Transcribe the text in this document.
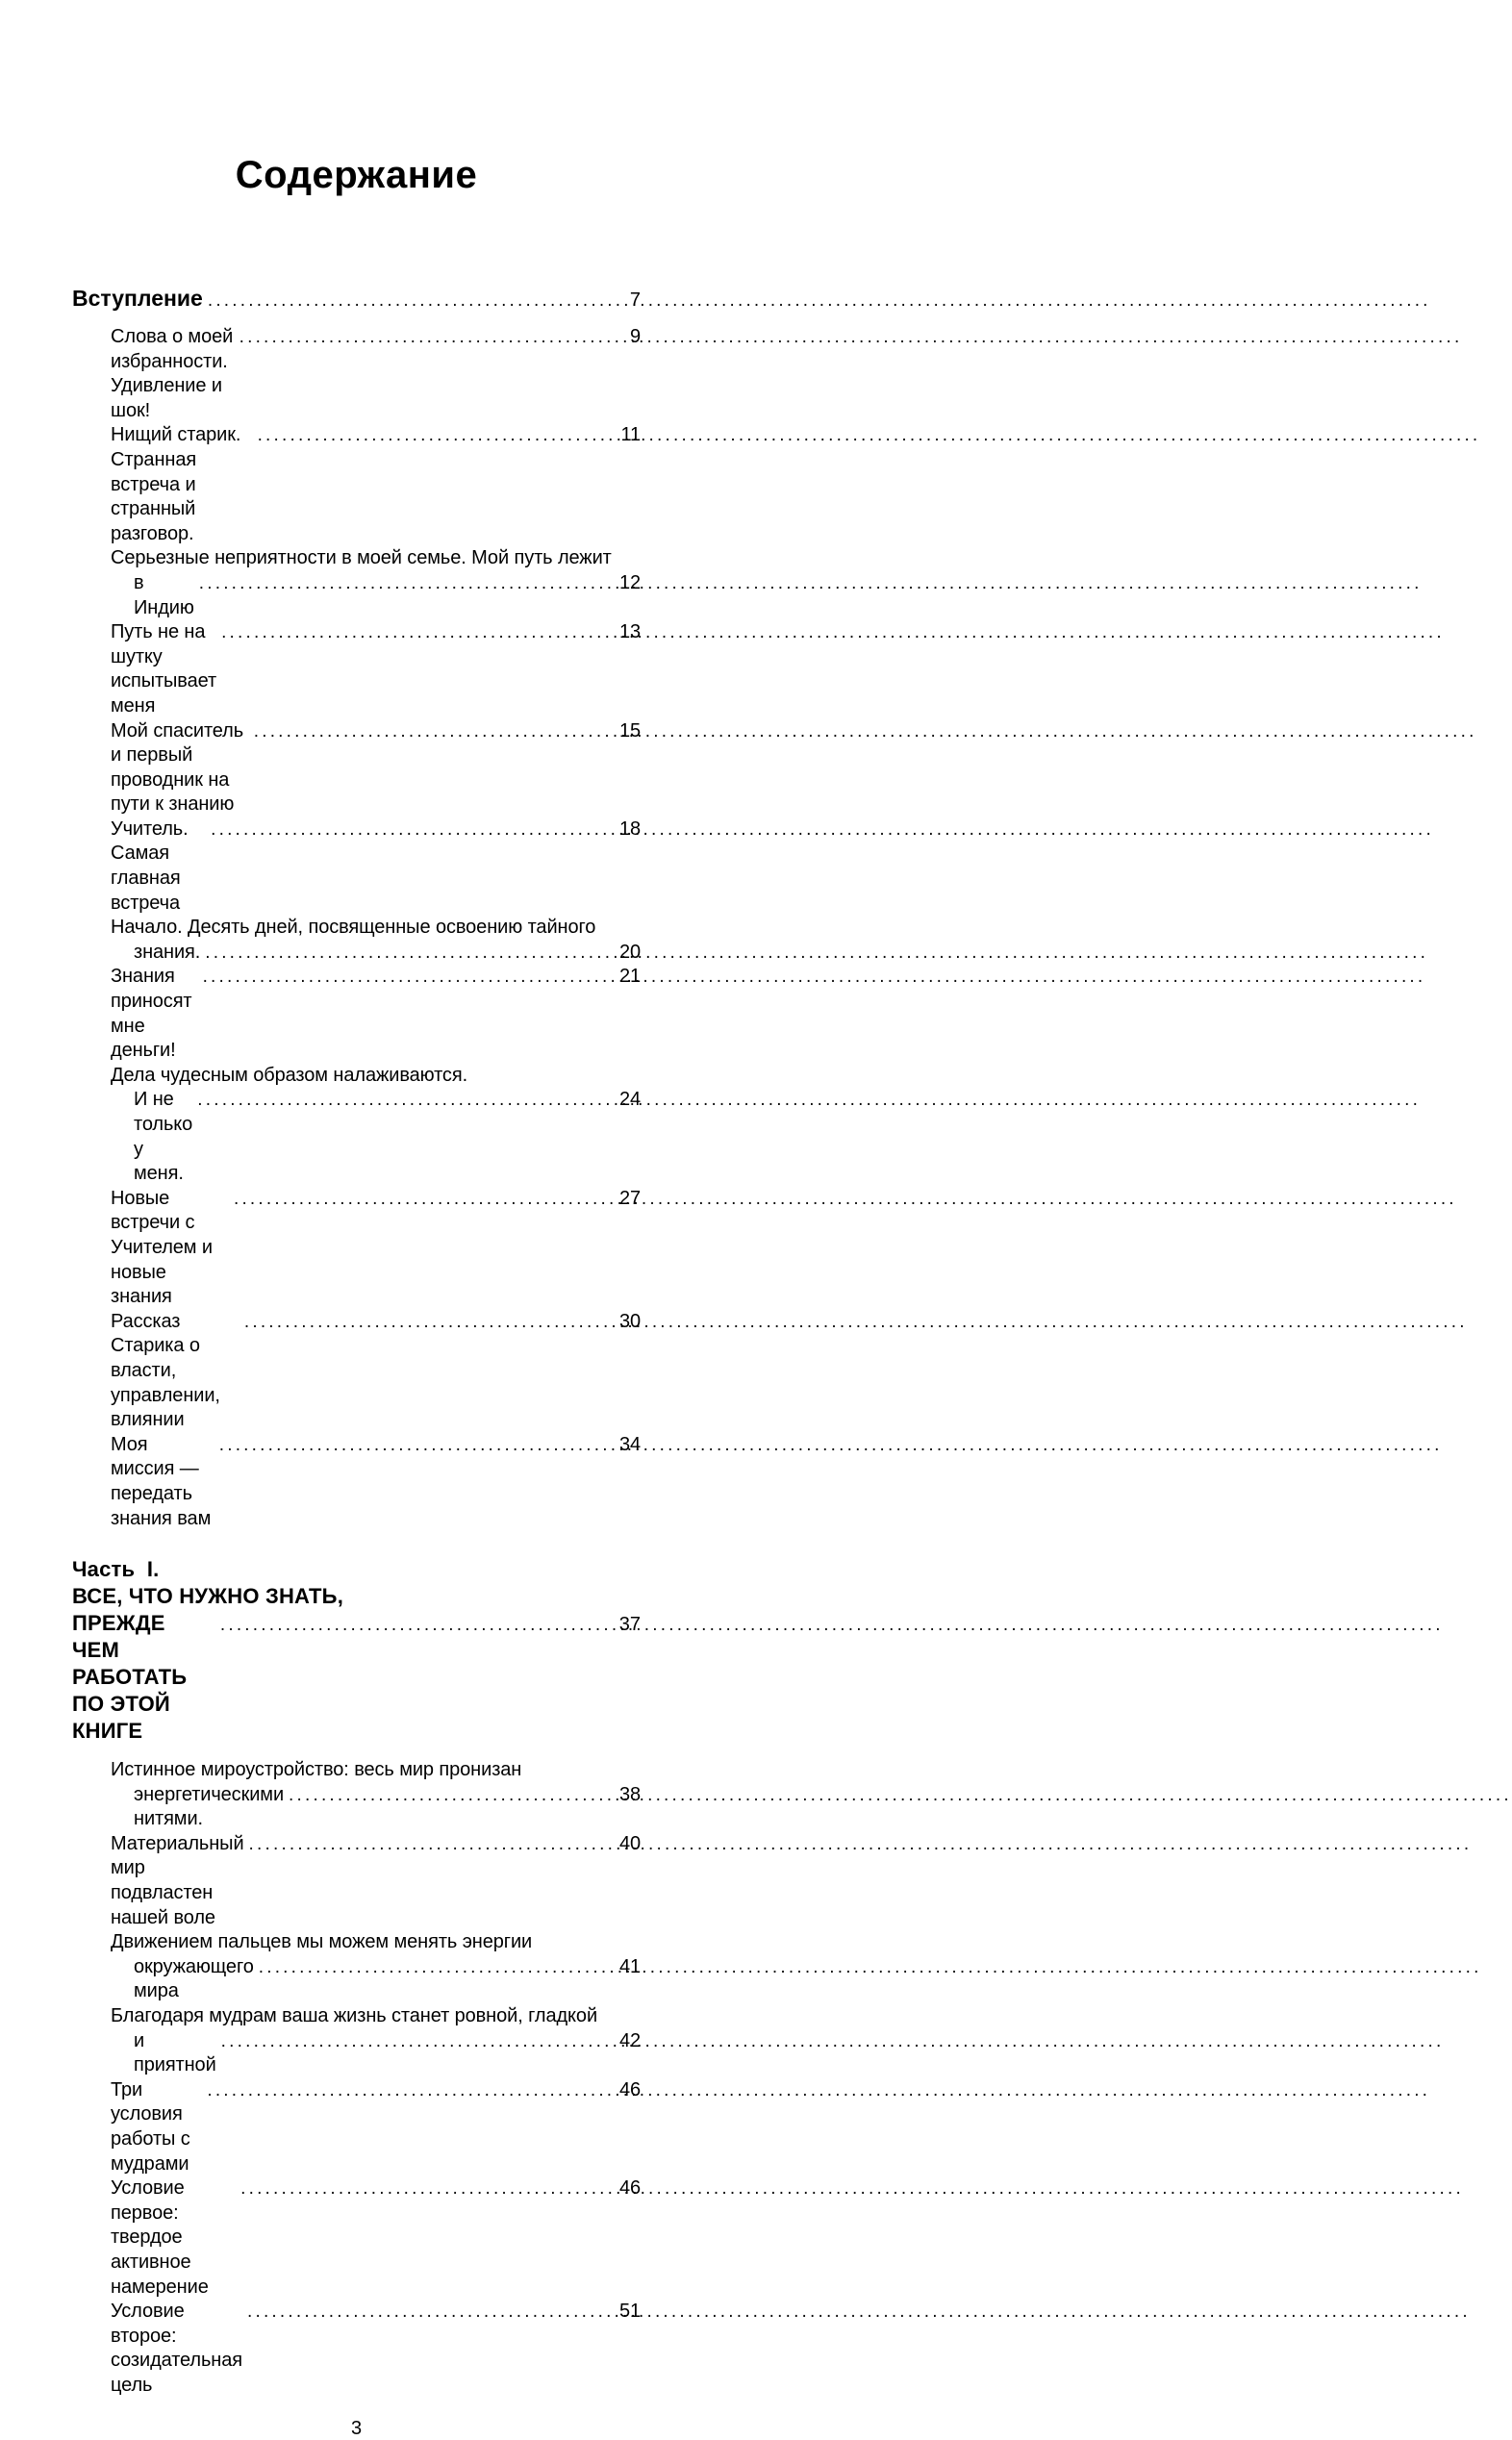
Содержание
Вступление .....	7
Слова о моей избранности. Удивление и шок!
.....
9
Нищий старик. Странная встреча и странный разговор.
.....
11
Серьезные неприятности в моей семье. Мой путь лежит
в Индию
.....
12
Путь не на шутку испытывает меня
.....
13
Мой спаситель и первый проводник на пути к знанию
.....
15
Учитель. Самая главная встреча
.....
18
Начало. Десять дней, посвященные освоению тайного
знания. .....	20
Знания приносят мне деньги!
.....
21
Дела чудесным образом налаживаются.
И не только у меня.
.....
24
Новые встречи с Учителем и новые знания
.....
27
Рассказ Старика о власти, управлении, влиянии
.....
30
Моя миссия — передать знания вам
.....
34
Часть  I.
ВСЕ, ЧТО НУЖНО ЗНАТЬ,
ПРЕЖДЕ ЧЕМ РАБОТАТЬ ПО ЭТОЙ КНИГЕ
.....
37
Истинное мироустройство: весь мир пронизан
энергетическими нитями.
.....
38
Материальный мир подвластен нашей воле
.....
40
Движением пальцев мы можем менять энергии
окружающего мира
.....
41
Благодаря мудрам ваша жизнь станет ровной, гладкой
и приятной
.....
42
Три условия работы с мудрами
.....
46
Условие первое: твердое активное намерение
.....
46
Условие второе: созидательная цель
.....
51
3
